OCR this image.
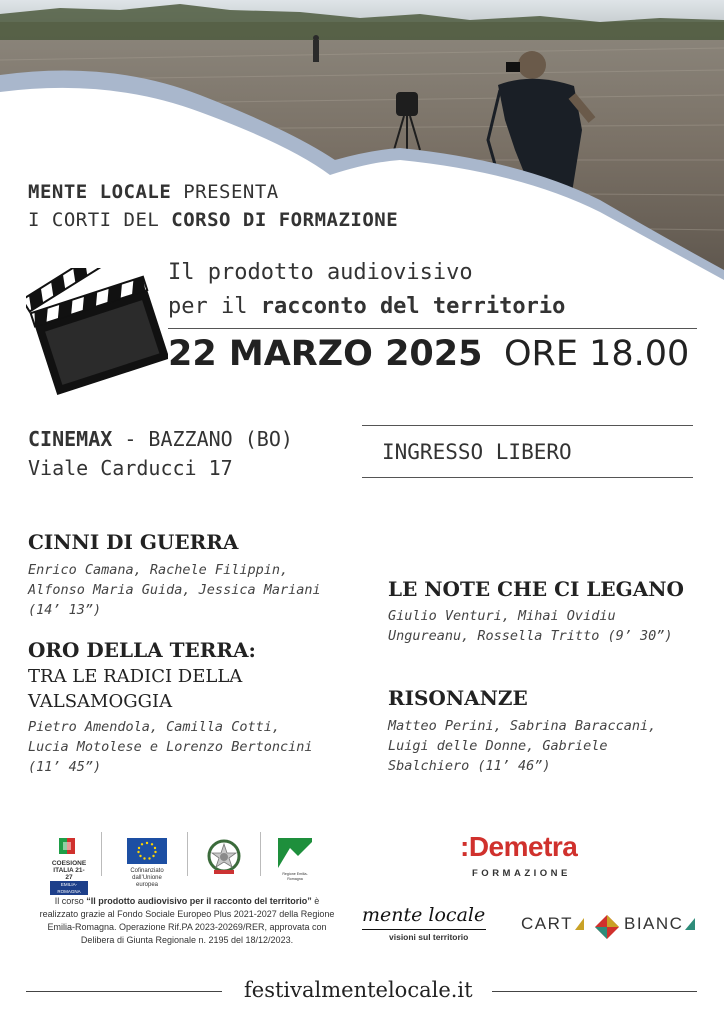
MENTE LOCALE PRESENTA
I CORTI DEL CORSO DI FORMAZIONE
Il prodotto audiovisivo
per il racconto del territorio
22 MARZO 2025 ORE 18.00
CINEMAX - BAZZANO (BO)
Viale Carducci 17
INGRESSO LIBERO
CINNI DI GUERRA
Enrico Camana, Rachele Filippin,
Alfonso Maria Guida, Jessica Mariani
(14’ 13”)
ORO DELLA TERRA:
TRA LE RADICI DELLA
VALSAMOGGIA
Pietro Amendola, Camilla Cotti,
Lucia Motolese e Lorenzo Bertoncini
(11’ 45”)
LE NOTE CHE CI LEGANO
Giulio Venturi, Mihai Ovidiu
Ungureanu, Rossella Tritto (9’ 30”)
RISONANZE
Matteo Perini, Sabrina Baraccani,
Luigi delle Donne, Gabriele
Sbalchiero (11’ 46”)
COESIONE
ITALIA 21-27
EMILIA-ROMAGNA
Cofinanziato
dall’Unione europea
Regione Emilia-Romagna
Il corso “Il prodotto audiovisivo per il racconto del territorio” è
realizzato grazie al Fondo Sociale Europeo Plus 2021-2027 della Regione
Emilia-Romagna. Operazione Rif.PA 2023-20269/RER, approvata con
Delibera di Giunta Regionale n. 2195 del 18/12/2023.
:Demetra
FORMAZIONE
mente locale
visioni sul territorio
CART	BIANC
festivalmentelocale.it
